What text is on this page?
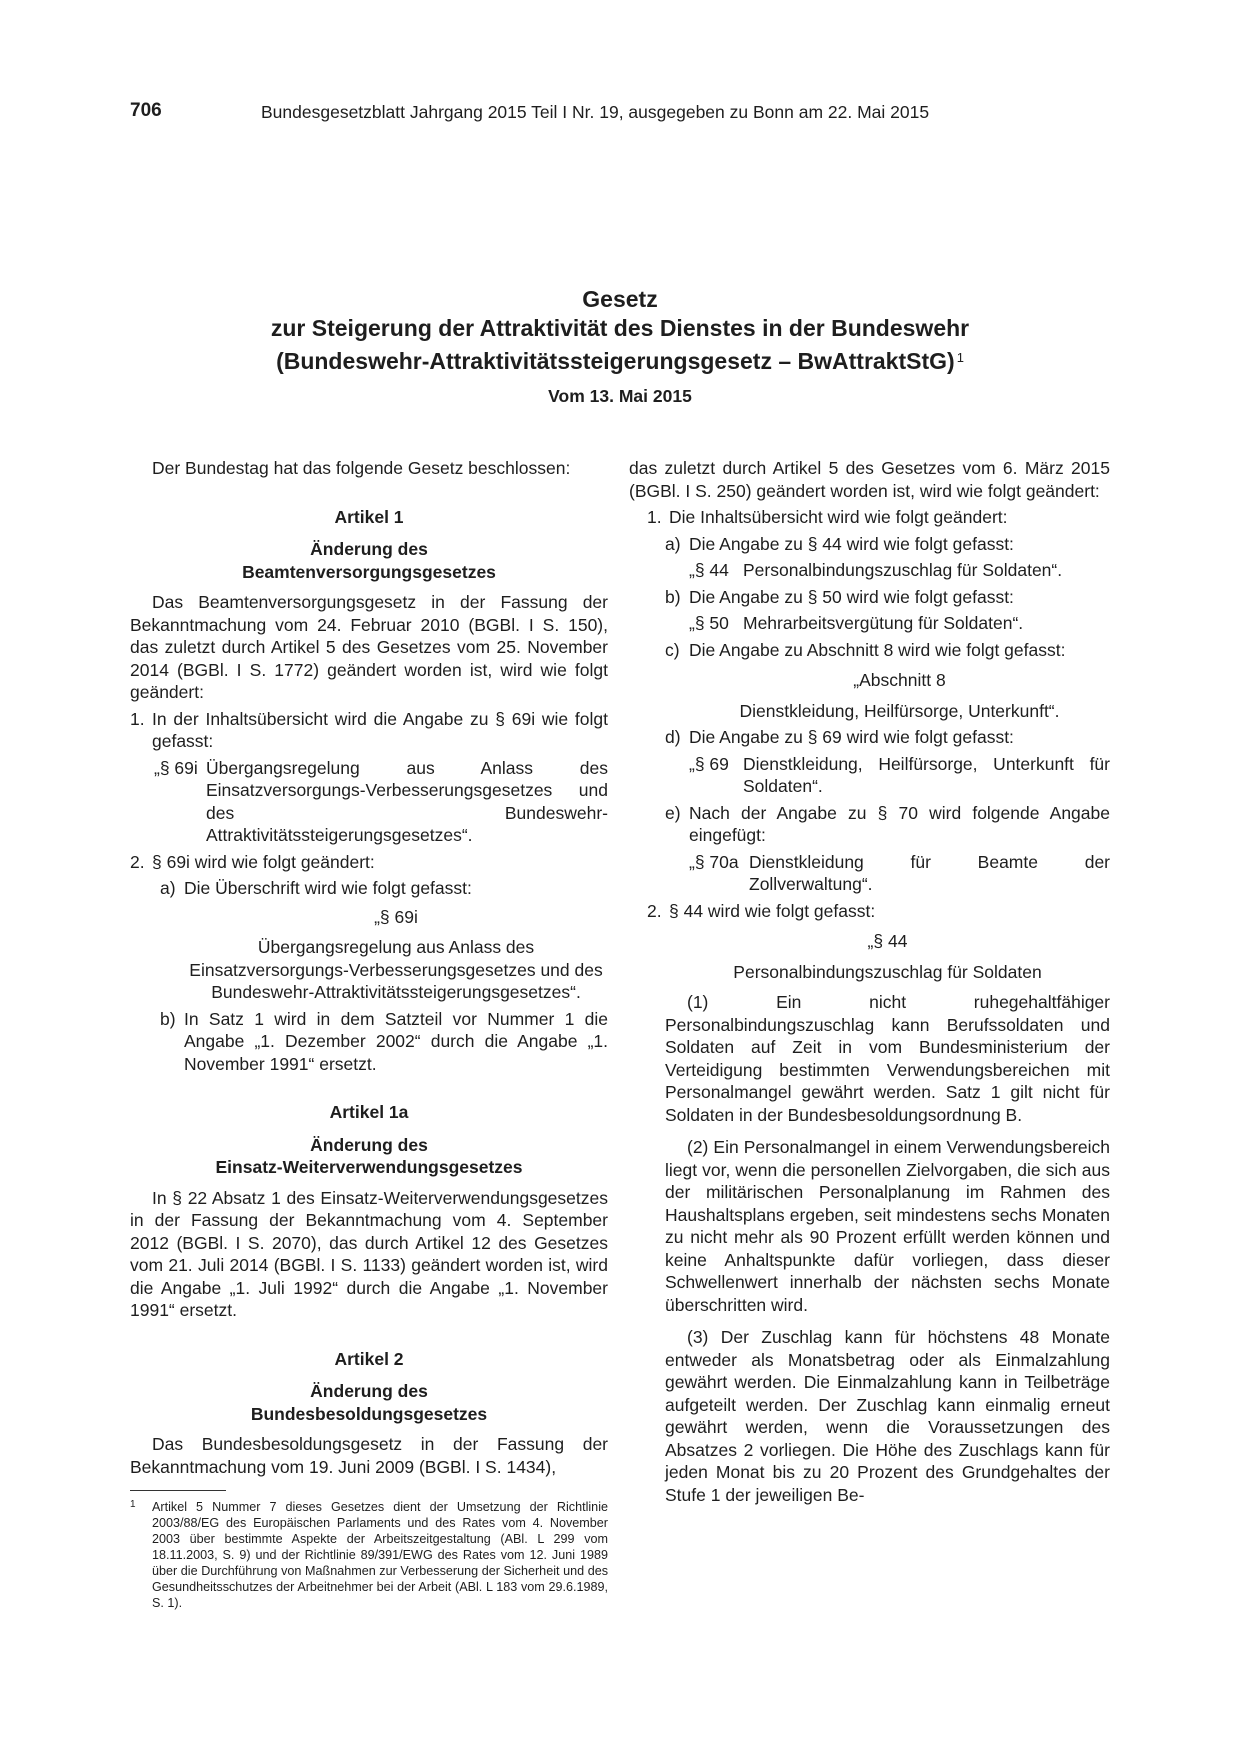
706	Bundesgesetzblatt Jahrgang 2015 Teil I Nr. 19, ausgegeben zu Bonn am 22. Mai 2015
Gesetz
zur Steigerung der Attraktivität des Dienstes in der Bundeswehr
(Bundeswehr-Attraktivitätssteigerungsgesetz – BwAttraktStG) $^1$
Vom 13. Mai 2015

Der Bundestag hat das folgende Gesetz beschlossen:

Artikel 1

Änderung des

Beamtenversorgungsgesetzes

Das Beamtenversorgungsgesetz in der Fassung der Bekanntmachung vom 24. Februar 2010 (BGBl. I S. 150), das zuletzt durch Artikel 5 des Gesetzes vom 25. November 2014 (BGBl. I S. 1772) geändert worden ist, wird wie folgt geändert:

1. In der Inhaltsübersicht wird die Angabe zu § 69i wie folgt gefasst:
„§ 69i Übergangsregelung aus Anlass des Einsatzversorgungs-Verbesserungsgesetzes und des Bundeswehr-Attraktivitätssteigerungsgesetzes“.
2. § 69i wird wie folgt geändert:
a) Die Überschrift wird wie folgt gefasst:

„§ 69i

Übergangsregelung aus Anlass des Einsatzversorgungs-Verbesserungsgesetzes und des Bundeswehr-Attraktivitätssteigerungsgesetzes“.

b) In Satz 1 wird in dem Satzteil vor Nummer 1 die Angabe „1. Dezember 2002“ durch die Angabe „1. November 1991“ ersetzt.

Artikel 1a

Änderung des

Einsatz-Weiterverwendungsgesetzes

In § 22 Absatz 1 des Einsatz-Weiterverwendungsgesetzes in der Fassung der Bekanntmachung vom 4. September 2012 (BGBl. I S. 2070), das durch Artikel 12 des Gesetzes vom 21. Juli 2014 (BGBl. I S. 1133) geändert worden ist, wird die Angabe „1. Juli 1992“ durch die Angabe „1. November 1991“ ersetzt.

Artikel 2

Änderung des

Bundesbesoldungsgesetzes

Das Bundesbesoldungsgesetz in der Fassung der Bekanntmachung vom 19. Juni 2009 (BGBl. I S. 1434),

1	Artikel 5 Nummer 7 dieses Gesetzes dient der Umsetzung der Richtlinie 2003/88/EG des Europäischen Parlaments und des Rates vom 4. November 2003 über bestimmte Aspekte der Arbeitszeitgestaltung (ABl. L 299 vom 18.11.2003, S. 9) und der Richtlinie 89/391/EWG des Rates vom 12. Juni 1989 über die Durchführung von Maßnahmen zur Verbesserung der Sicherheit und des Gesundheitsschutzes der Arbeitnehmer bei der Arbeit (ABl. L 183 vom 29.6.1989, S. 1).

das zuletzt durch Artikel 5 des Gesetzes vom 6. März 2015 (BGBl. I S. 250) geändert worden ist, wird wie folgt geändert:

1. Die Inhaltsübersicht wird wie folgt geändert:
a) Die Angabe zu § 44 wird wie folgt gefasst:
„§ 44 Personalbindungszuschlag für Soldaten“.
b) Die Angabe zu § 50 wird wie folgt gefasst:
„§ 50 Mehrarbeitsvergütung für Soldaten“.
c) Die Angabe zu Abschnitt 8 wird wie folgt gefasst:

„Abschnitt 8

Dienstkleidung, Heilfürsorge, Unterkunft“.

d) Die Angabe zu § 69 wird wie folgt gefasst:
„§ 69 Dienstkleidung, Heilfürsorge, Unterkunft für Soldaten“.
e) Nach der Angabe zu § 70 wird folgende Angabe eingefügt:
„§ 70a Dienstkleidung für Beamte der Zollverwaltung“.
2. § 44 wird wie folgt gefasst:

„§ 44

Personalbindungszuschlag für Soldaten

(1) Ein nicht ruhegehaltfähiger Personalbindungszuschlag kann Berufssoldaten und Soldaten auf Zeit in vom Bundesministerium der Verteidigung bestimmten Verwendungsbereichen mit Personalmangel gewährt werden. Satz 1 gilt nicht für Soldaten in der Bundesbesoldungsordnung B.

(2) Ein Personalmangel in einem Verwendungsbereich liegt vor, wenn die personellen Zielvorgaben, die sich aus der militärischen Personalplanung im Rahmen des Haushaltsplans ergeben, seit mindestens sechs Monaten zu nicht mehr als 90 Prozent erfüllt werden können und keine Anhaltspunkte dafür vorliegen, dass dieser Schwellenwert innerhalb der nächsten sechs Monate überschritten wird.

(3) Der Zuschlag kann für höchstens 48 Monate entweder als Monatsbetrag oder als Einmalzahlung gewährt werden. Die Einmalzahlung kann in Teilbeträge aufgeteilt werden. Der Zuschlag kann einmalig erneut gewährt werden, wenn die Voraussetzungen des Absatzes 2 vorliegen. Die Höhe des Zuschlags kann für jeden Monat bis zu 20 Prozent des Grundgehaltes der Stufe 1 der jeweiligen Be-
